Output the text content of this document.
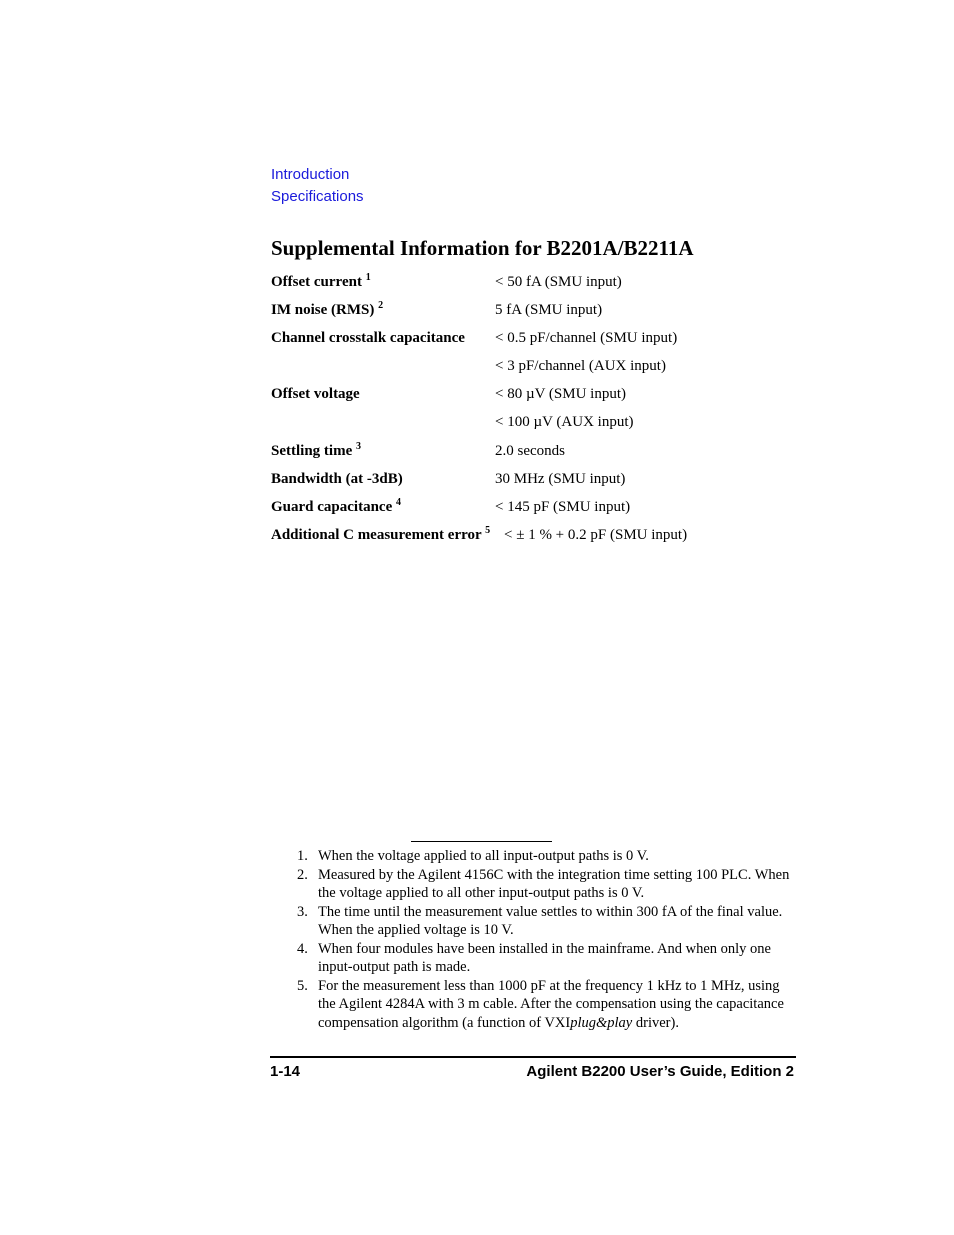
Introduction
Specifications
Supplemental Information for B2201A/B2211A
Offset current $^1$	< 50 fA (SMU input)
IM noise (RMS) $^2$	5 fA (SMU input)
Channel crosstalk capacitance < 0.5 pF/channel (SMU input)
< 3 pF/channel (AUX input)
Offset voltage	< 80 µV (SMU input)
< 100 µV (AUX input)
Settling time $^3$	2.0 seconds
Bandwidth (at -3dB)	30 MHz (SMU input)
Guard capacitance $^4$	< 145 pF (SMU input)
Additional C measurement error $^5$ < ± 1 % + 0.2 pF (SMU input)
1. When the voltage applied to all input-output paths is 0 V.
2. Measured by the Agilent 4156C with the integration time setting 100 PLC. When the voltage applied to all other input-output paths is 0 V.
3. The time until the measurement value settles to within 300 fA of the final value. When the applied voltage is 10 V.
4. When four modules have been installed in the mainframe. And when only one input-output path is made.
5. For the measurement less than 1000 pF at the frequency 1 kHz to 1 MHz, using the Agilent 4284A with 3 m cable. After the compensation using the capacitance compensation algorithm (a function of VXIplug&play driver).
1-14	Agilent B2200 User’s Guide, Edition 2
